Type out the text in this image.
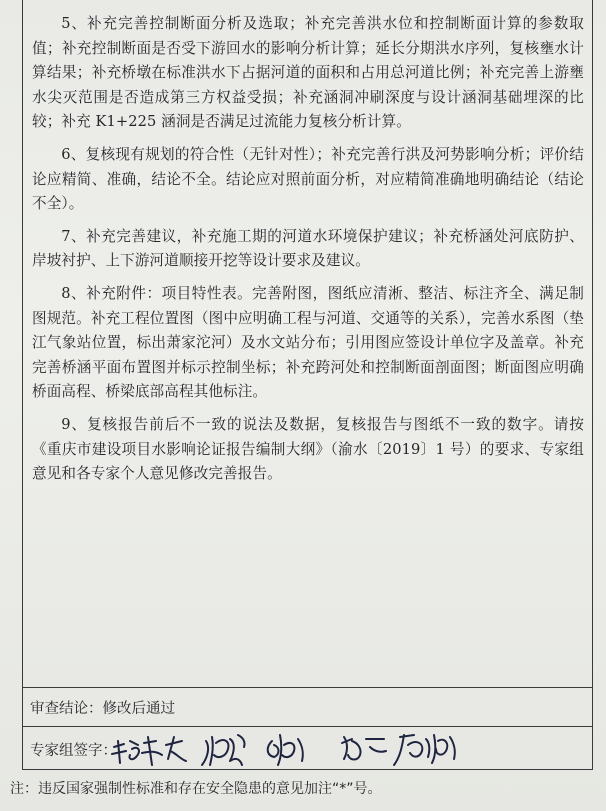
5、补充完善控制断面分析及选取；补充完善洪水位和控制断面计算的参数取值；补充控制断面是否受下游回水的影响分析计算；延长分期洪水序列，复核壅水计算结果；补充桥墩在标准洪水下占据河道的面积和占用总河道比例；补充完善上游壅水尖灭范围是否造成第三方权益受损；补充涵洞冲刷深度与设计涵洞基础埋深的比较；补充 K1+225 涵洞是否满足过流能力复核分析计算。

6、复核现有规划的符合性（无针对性）；补充完善行洪及河势影响分析；评价结论应精简、准确，结论不全。结论应对照前面分析，对应精简准确地明确结论（结论不全）。

7、补充完善建议，补充施工期的河道水环境保护建议；补充桥涵处河底防护、岸坡衬护、上下游河道顺接开挖等设计要求及建议。

8、补充附件：项目特性表。完善附图，图纸应清淅、整洁、标注齐全、满足制图规范。补充工程位置图（图中应明确工程与河道、交通等的关系），完善水系图（垫江气象站位置，标出萧家沱河）及水文站分布；引用图应签设计单位字及盖章。补充完善桥涵平面布置图并标示控制坐标；补充跨河处和控制断面剖面图；断面图应明确桥面高程、桥梁底部高程其他标注。

9、复核报告前后不一致的说法及数据，复核报告与图纸不一致的数字。请按《重庆市建设项目水影响论证报告编制大纲》（渝水〔2019〕1 号）的要求、专家组意见和各专家个人意见修改完善报告。

审查结论：修改后通过
专家组签字：
注：违反国家强制性标准和存在安全隐患的意见加注“*”号。
